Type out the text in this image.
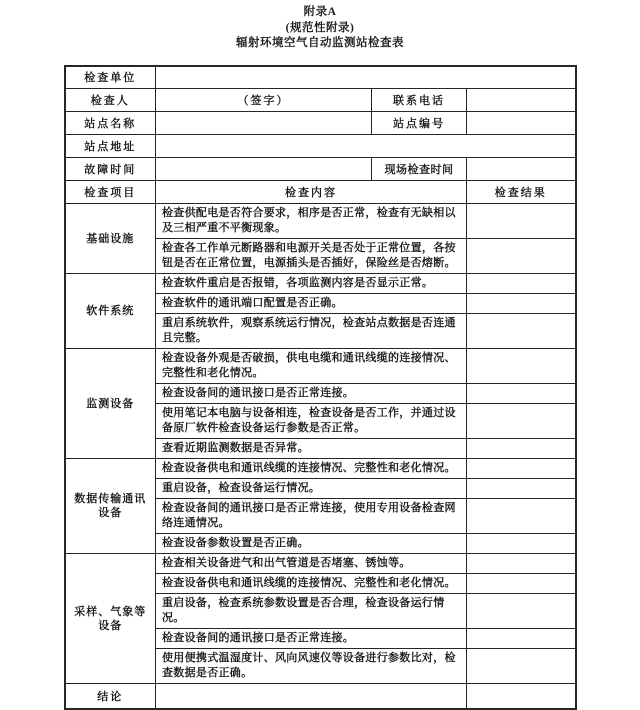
附录A
(规范性附录)
辐射环境空气自动监测站检查表
检查单位			
检查人	（签字）	联系电话	
站点名称		站点编号	
站点地址			
故障时间		现场检查时间	
检查项目	检查内容		检查结果
基础设施	检查供配电是否符合要求，相序是否正常，检查有无缺相以及三相严重不平衡现象。		
	检查各工作单元断路器和电源开关是否处于正常位置，各按钮是否在正常位置，电源插头是否插好，保险丝是否熔断。		
软件系统	检查软件重启是否报错，各项监测内容是否显示正常。		
	检查软件的通讯端口配置是否正确。		
	重启系统软件，观察系统运行情况，检查站点数据是否连通且完整。		
监测设备	检查设备外观是否破损，供电电缆和通讯线缆的连接情况、完整性和老化情况。		
	检查设备间的通讯接口是否正常连接。		
	使用笔记本电脑与设备相连，检查设备是否工作，并通过设备原厂软件检查设备运行参数是否正常。		
	查看近期监测数据是否异常。		
数据传输通讯设备	检查设备供电和通讯线缆的连接情况、完整性和老化情况。		
	重启设备，检查设备运行情况。		
	检查设备间的通讯接口是否正常连接，使用专用设备检查网络连通情况。		
	检查设备参数设置是否正确。		
采样、气象等设备	检查相关设备进气和出气管道是否堵塞、锈蚀等。		
	检查设备供电和通讯线缆的连接情况、完整性和老化情况。		
	重启设备，检查系统参数设置是否合理，检查设备运行情况。		
	检查设备间的通讯接口是否正常连接。		
	使用便携式温湿度计、风向风速仪等设备进行参数比对，检查数据是否正确。		
结论			
